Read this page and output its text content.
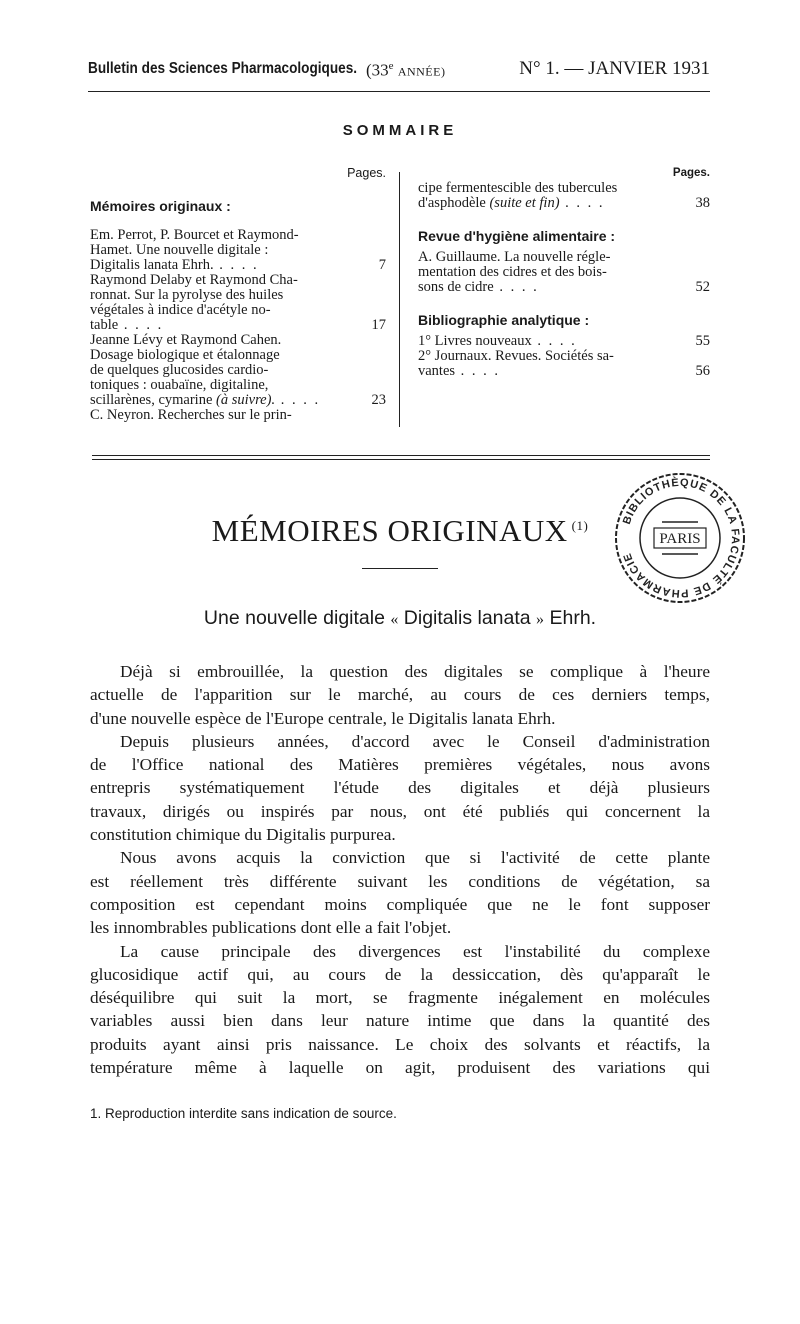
Bulletin des Sciences Pharmacologiques. (33e ANNÉE)	N° 1. — JANVIER 1931
SOMMAIRE
Pages.
Mémoires originaux :
Em. Perrot, P. Bourcet et Raymond-
Hamet. Une nouvelle digitale :
Digitalis lanata Ehrh. . . . .	7
Raymond Delaby et Raymond Cha-
ronnat. Sur la pyrolyse des huiles
végétales à indice d'acétyle no-
table . . . .	17
Jeanne Lévy et Raymond Cahen.
Dosage biologique et étalonnage
de quelques glucosides cardio-
toniques : ouabaïne, digitaline,
scillarènes, cymarine (à suivre). . . . .	23
C. Neyron. Recherches sur le prin-
Pages.
cipe fermentescible des tubercules
d'asphodèle (suite et fin) . . . .	38
Revue d'hygiène alimentaire :
A. Guillaume. La nouvelle régle-
mentation des cidres et des bois-
sons de cidre . . . .	52
Bibliographie analytique :
1° Livres nouveaux . . . .	55
2° Journaux. Revues. Sociétés sa-
vantes . . . .	56
BIBLIOTHÈQUE DE LA FACULTÉ DE PHARMACIE
PARIS
MÉMOIRES ORIGINAUX $^{(1)}$
Une nouvelle digitale « Digitalis lanata » Ehrh.

Déjà si embrouillée, la question des digitales se complique à l'heure
actuelle de l'apparition sur le marché, au cours de ces derniers temps,
d'une nouvelle espèce de l'Europe centrale, le Digitalis lanata Ehrh.

Depuis plusieurs années, d'accord avec le Conseil d'administration
de l'Office national des Matières premières végétales, nous avons
entrepris systématiquement l'étude des digitales et déjà plusieurs
travaux, dirigés ou inspirés par nous, ont été publiés qui concernent la
constitution chimique du Digitalis purpurea.

Nous avons acquis la conviction que si l'activité de cette plante
est réellement très différente suivant les conditions de végétation, sa
composition est cependant moins compliquée que ne le font supposer
les innombrables publications dont elle a fait l'objet.

La cause principale des divergences est l'instabilité du complexe
glucosidique actif qui, au cours de la dessiccation, dès qu'apparaît le
déséquilibre qui suit la mort, se fragmente inégalement en molécules
variables aussi bien dans leur nature intime que dans la quantité des
produits ayant ainsi pris naissance. Le choix des solvants et réactifs, la
température même à laquelle on agit, produisent des variations qui

1. Reproduction interdite sans indication de source.
